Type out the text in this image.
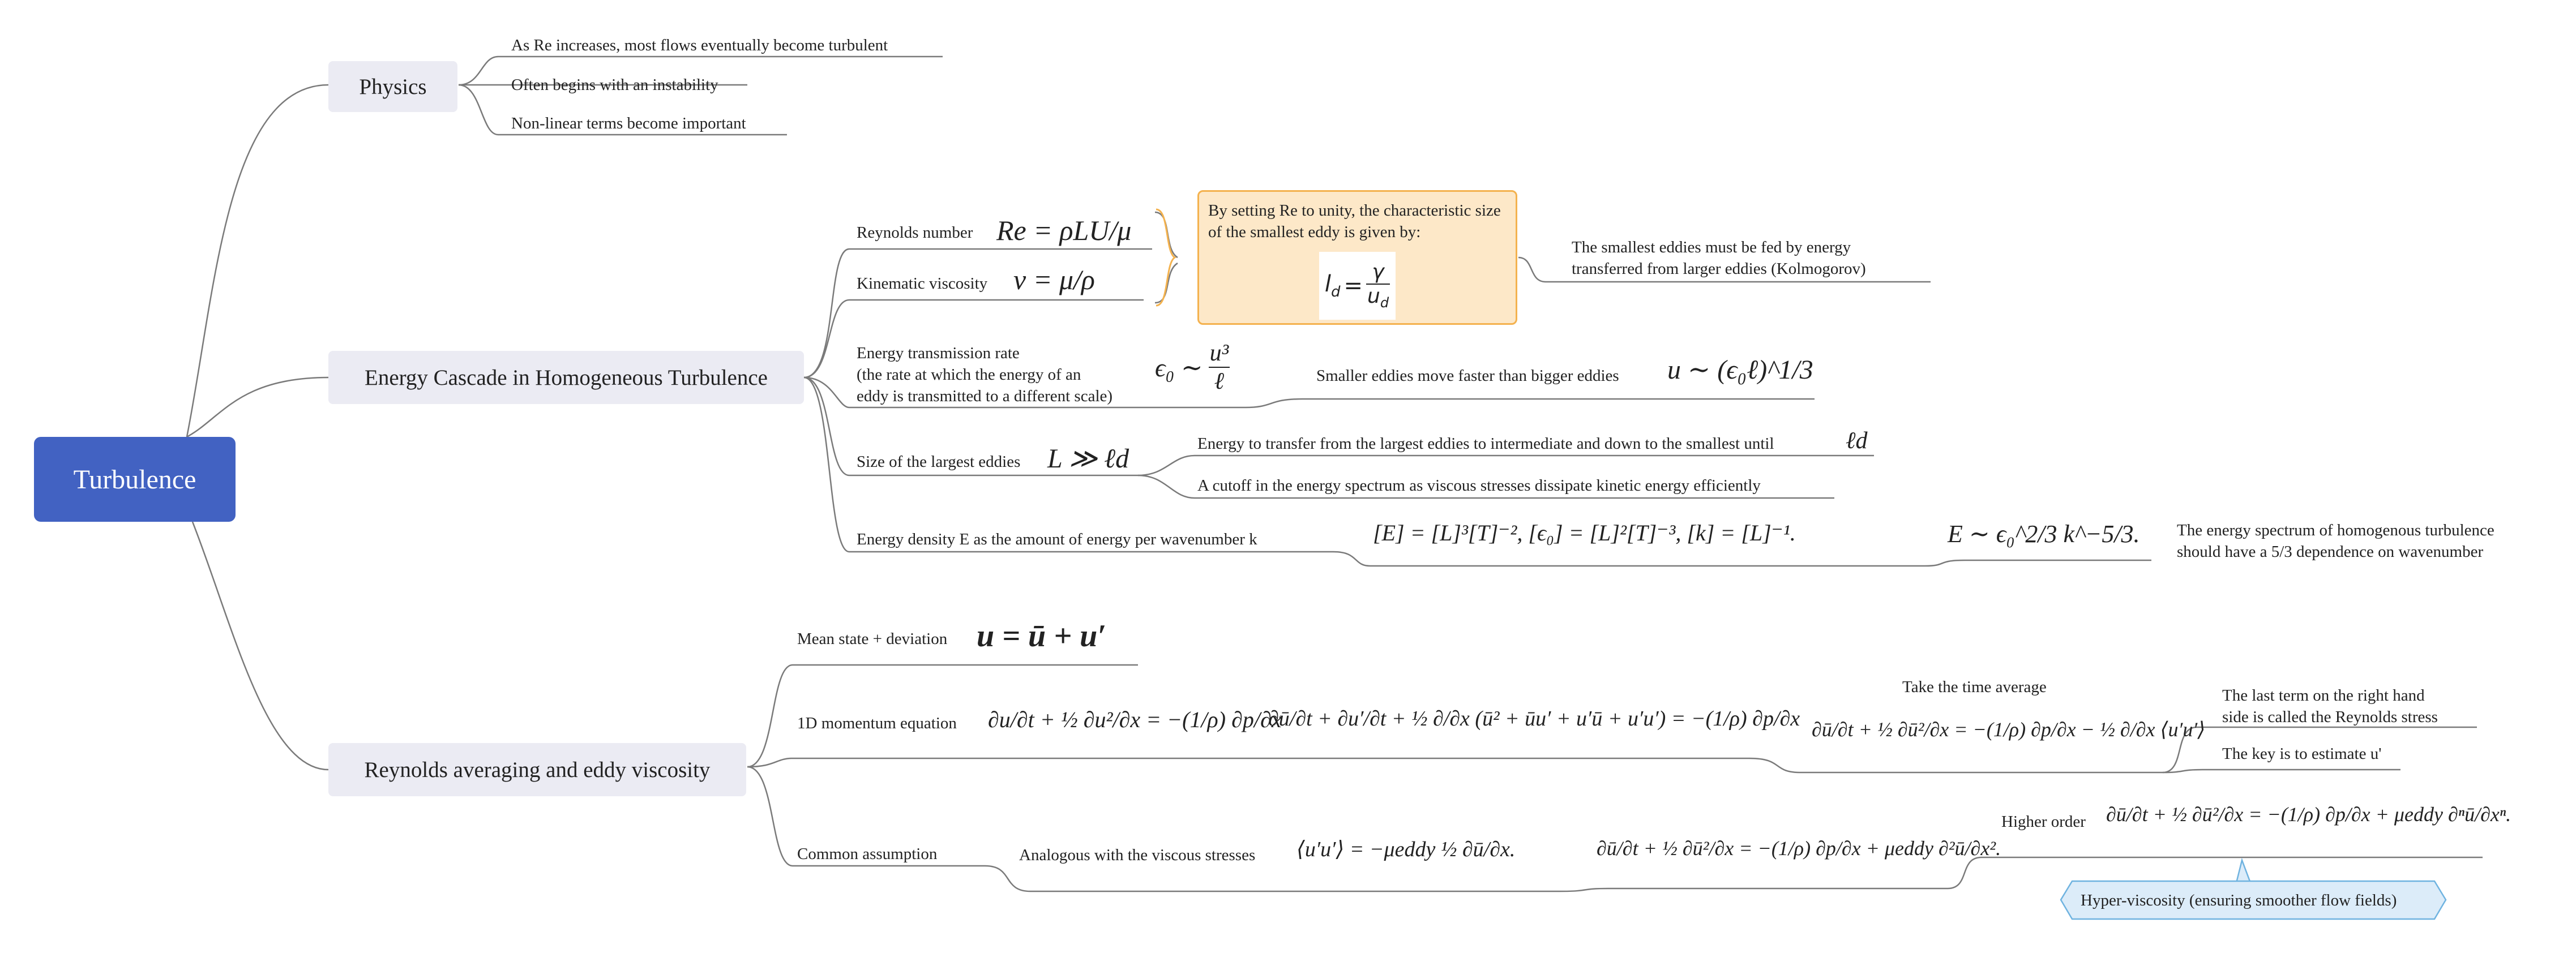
Turbulence
Physics
As Re increases, most flows eventually become turbulent
Often begins with an instability
Non-linear terms become important
Energy Cascade in Homogeneous Turbulence
Reynolds number Re = ρLU/μ
Kinematic viscosity ν = μ/ρ
By setting Re to unity, the characteristic size of the smallest eddy is given by:
$l_d = \frac{\gamma}{u_d}$
The smallest eddies must be fed by energy transferred from larger eddies (Kolmogorov)
Energy transmission rate
(the rate at which the energy of an
eddy is transmitted to a different scale)
ϵ₀ ∼ $\frac{\text{u³}}{\text{ℓ}}$	Smaller eddies move faster than bigger eddies u ∼ (ϵ₀ℓ)^1/3
Size of the largest eddies L ≫ ℓd	Energy to transfer from the largest eddies to intermediate and down to the smallest until	ℓd
A cutoff in the energy spectrum as viscous stresses dissipate kinetic energy efficiently
Energy density E as the amount of energy per wavenumber k	[E] = [L]³[T]⁻², [ϵ₀] = [L]²[T]⁻³, [k] = [L]⁻¹.	E ∼ ϵ₀^2/3 k^−5/3. The energy spectrum of homogenous turbulence
should have a 5/3 dependence on wavenumber
Reynolds averaging and eddy viscosity
Mean state + deviation u = ū + u′
1D momentum equation ∂u/∂t + ½ ∂u²/∂x = −(1/ρ) ∂p/∂x
∂ū/∂t + ∂u′/∂t + ½ ∂/∂x (ū² + ūu′ + u′ū + u′u′) = −(1/ρ) ∂p/∂x
Take the time average
∂ū/∂t + ½ ∂ū²/∂x = −(1/ρ) ∂p/∂x − ½ ∂/∂x ⟨u′u′⟩
The last term on the right hand
side is called the Reynolds stress
The key is to estimate u'
Common assumption	Analogous with the viscous stresses ⟨u′u′⟩ = −μeddy ½ ∂ū/∂x.	∂ū/∂t + ½ ∂ū²/∂x = −(1/ρ) ∂p/∂x + μeddy ∂²ū/∂x².
Higher order ∂ū/∂t + ½ ∂ū²/∂x = −(1/ρ) ∂p/∂x + μeddy ∂ⁿū/∂xⁿ.
Hyper-viscosity (ensuring smoother flow fields)
